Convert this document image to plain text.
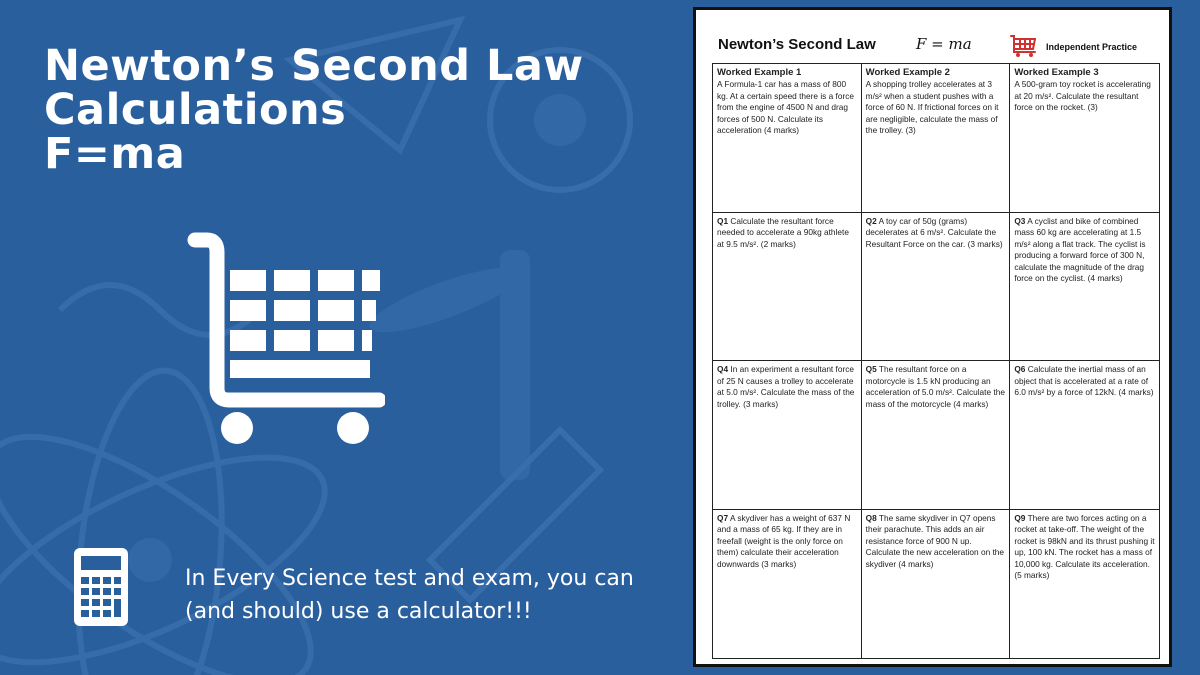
Newton’s Second Law
Calculations
F=ma
In Every Science test and exam, you can (and should) use a calculator!!!
Newton’s Second Law	F = ma	Independent Practice
Worked Example 1
A Formula-1 car has a mass of 800 kg. At a certain speed there is a force from the engine of 4500 N and drag forces of 500 N. Calculate its acceleration (4 marks)
Worked Example 2
A shopping trolley accelerates at 3 m/s² when a student pushes with a force of 60 N. If frictional forces on it are negligible, calculate the mass of the trolley. (3)
Worked Example 3
A 500-gram toy rocket is accelerating at 20 m/s². Calculate the resultant force on the rocket. (3)
Q1 Calculate the resultant force needed to accelerate a 90kg athlete at 9.5 m/s². (2 marks)
Q2 A toy car of 50g (grams) decelerates at 6 m/s². Calculate the Resultant Force on the car. (3 marks)
Q3 A cyclist and bike of combined mass 60 kg are accelerating at 1.5 m/s² along a flat track. The cyclist is producing a forward force of 300 N, calculate the magnitude of the drag force on the cyclist. (4 marks)
Q4 In an experiment a resultant force of 25 N causes a trolley to accelerate at 5.0 m/s². Calculate the mass of the trolley. (3 marks)
Q5 The resultant force on a motorcycle is 1.5 kN producing an acceleration of 5.0 m/s². Calculate the mass of the motorcycle (4 marks)
Q6 Calculate the inertial mass of an object that is accelerated at a rate of 6.0 m/s² by a force of 12kN. (4 marks)
Q7 A skydiver has a weight of 637 N and a mass of 65 kg. If they are in freefall (weight is the only force on them) calculate their acceleration downwards (3 marks)
Q8 The same skydiver in Q7 opens their parachute. This adds an air resistance force of 900 N up. Calculate the new acceleration on the skydiver (4 marks)
Q9 There are two forces acting on a rocket at take-off. The weight of the rocket is 98kN and its thrust pushing it up, 100 kN. The rocket has a mass of 10,000 kg. Calculate its acceleration. (5 marks)
